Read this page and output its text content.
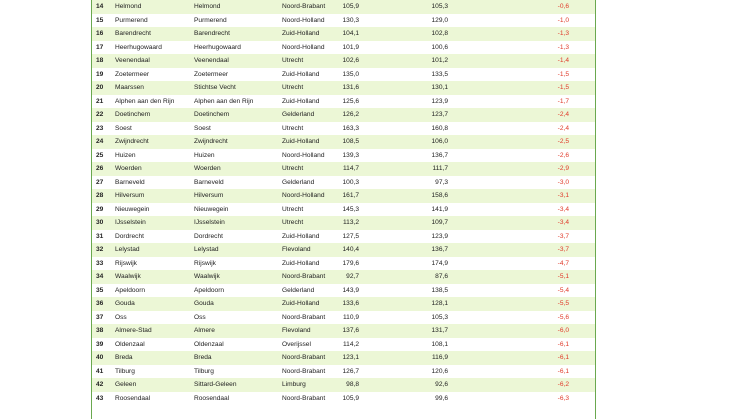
14	Helmond	Helmond	Noord-Brabant	105,9	105,3	-0,6
15	Purmerend	Purmerend	Noord-Holland	130,3	129,0	-1,0
16	Barendrecht	Barendrecht	Zuid-Holland	104,1	102,8	-1,3
17	Heerhugowaard	Heerhugowaard	Noord-Holland	101,9	100,6	-1,3
18	Veenendaal	Veenendaal	Utrecht	102,6	101,2	-1,4
19	Zoetermeer	Zoetermeer	Zuid-Holland	135,0	133,5	-1,5
20	Maarssen	Stichtse Vecht	Utrecht	131,6	130,1	-1,5
21	Alphen aan den Rijn	Alphen aan den Rijn	Zuid-Holland	125,6	123,9	-1,7
22	Doetinchem	Doetinchem	Gelderland	126,2	123,7	-2,4
23	Soest	Soest	Utrecht	163,3	160,8	-2,4
24	Zwijndrecht	Zwijndrecht	Zuid-Holland	108,5	106,0	-2,5
25	Huizen	Huizen	Noord-Holland	139,3	136,7	-2,6
26	Woerden	Woerden	Utrecht	114,7	111,7	-2,9
27	Barneveld	Barneveld	Gelderland	100,3	97,3	-3,0
28	Hilversum	Hilversum	Noord-Holland	161,7	158,6	-3,1
29	Nieuwegein	Nieuwegein	Utrecht	145,3	141,9	-3,4
30	IJsselstein	IJsselstein	Utrecht	113,2	109,7	-3,4
31	Dordrecht	Dordrecht	Zuid-Holland	127,5	123,9	-3,7
32	Lelystad	Lelystad	Flevoland	140,4	136,7	-3,7
33	Rijswijk	Rijswijk	Zuid-Holland	179,6	174,9	-4,7
34	Waalwijk	Waalwijk	Noord-Brabant	92,7	87,6	-5,1
35	Apeldoorn	Apeldoorn	Gelderland	143,9	138,5	-5,4
36	Gouda	Gouda	Zuid-Holland	133,6	128,1	-5,5
37	Oss	Oss	Noord-Brabant	110,9	105,3	-5,6
38	Almere-Stad	Almere	Flevoland	137,6	131,7	-6,0
39	Oldenzaal	Oldenzaal	Overijssel	114,2	108,1	-6,1
40	Breda	Breda	Noord-Brabant	123,1	116,9	-6,1
41	Tilburg	Tilburg	Noord-Brabant	126,7	120,6	-6,1
42	Geleen	Sittard-Geleen	Limburg	98,8	92,6	-6,2
43	Roosendaal	Roosendaal	Noord-Brabant	105,9	99,6	-6,3
